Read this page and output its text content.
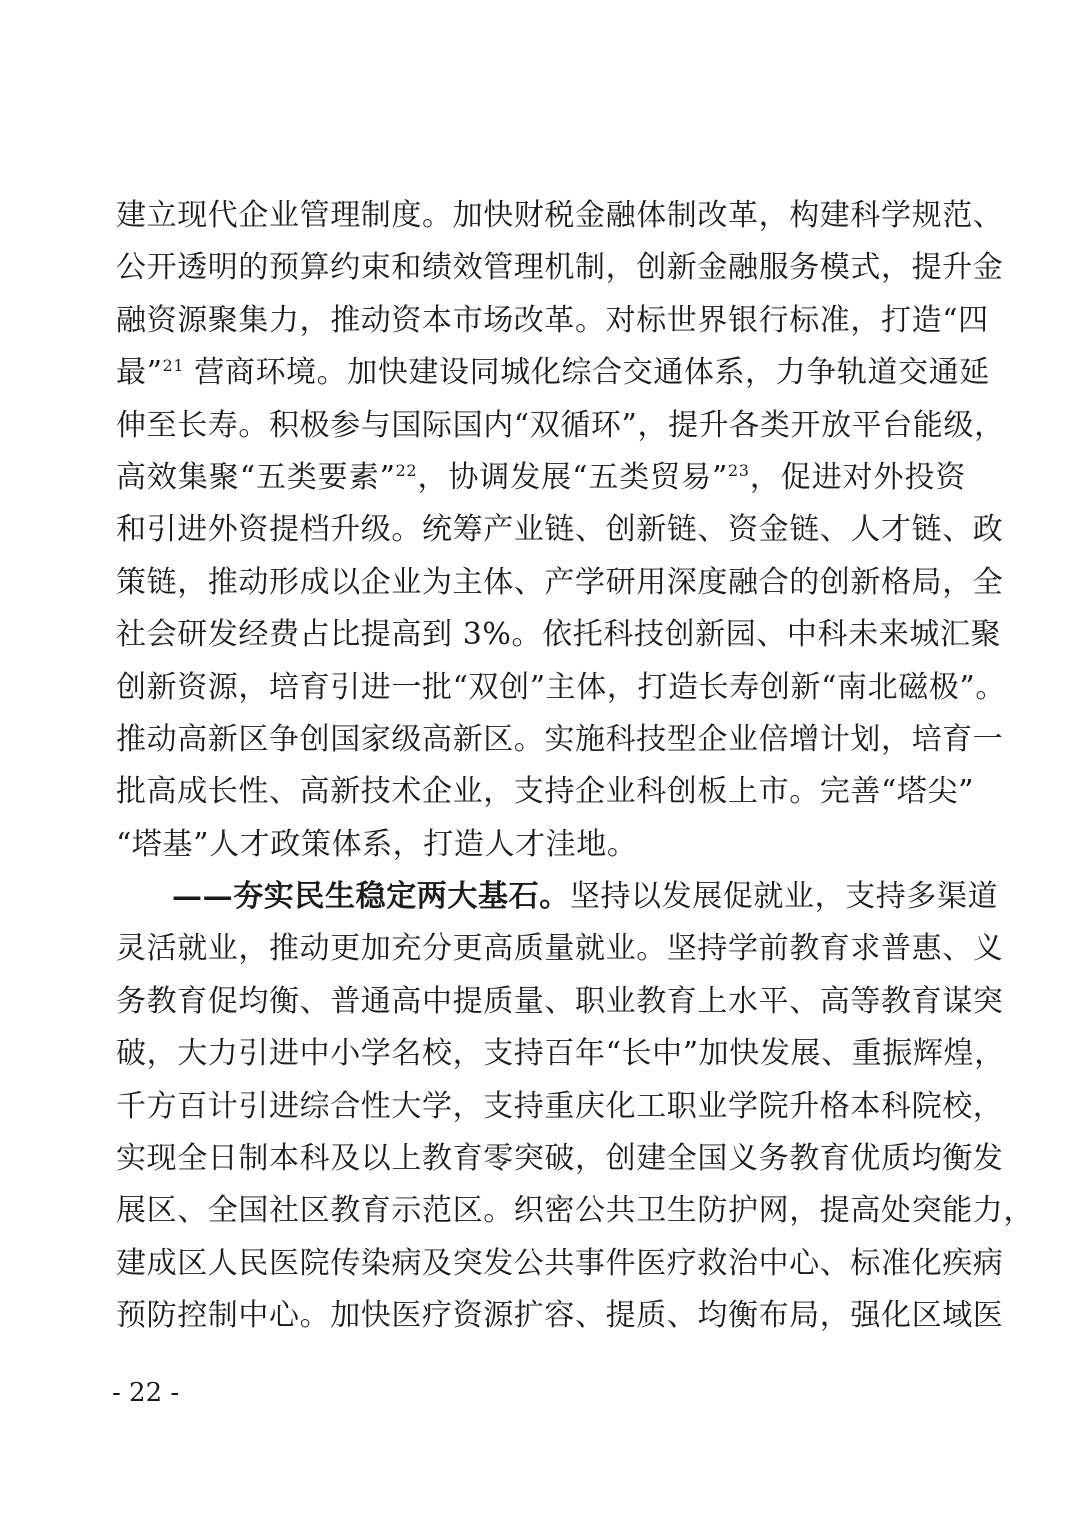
建立现代企业管理制度。加快财税金融体制改革，构建科学规范、
公开透明的预算约束和绩效管理机制，创新金融服务模式，提升金
融资源聚集力，推动资本市场改革。对标世界银行标准，打造“四
最”$^{21}$ 营商环境。加快建设同城化综合交通体系，力争轨道交通延
伸至长寿。积极参与国际国内“双循环”，提升各类开放平台能级，
高效集聚“五类要素”$^{22}$，协调发展“五类贸易”$^{23}$，促进对外投资
和引进外资提档升级。统筹产业链、创新链、资金链、人才链、政
策链，推动形成以企业为主体、产学研用深度融合的创新格局，全
社会研发经费占比提高到 3%。依托科技创新园、中科未来城汇聚
创新资源，培育引进一批“双创”主体，打造长寿创新“南北磁极”。
推动高新区争创国家级高新区。实施科技型企业倍增计划，培育一
批高成长性、高新技术企业，支持企业科创板上市。完善“塔尖”
“塔基”人才政策体系，打造人才洼地。
——夯实民生稳定两大基石。坚持以发展促就业，支持多渠道
灵活就业，推动更加充分更高质量就业。坚持学前教育求普惠、义
务教育促均衡、普通高中提质量、职业教育上水平、高等教育谋突
破，大力引进中小学名校，支持百年“长中”加快发展、重振辉煌，
千方百计引进综合性大学，支持重庆化工职业学院升格本科院校，
实现全日制本科及以上教育零突破，创建全国义务教育优质均衡发
展区、全国社区教育示范区。织密公共卫生防护网，提高处突能力，
建成区人民医院传染病及突发公共事件医疗救治中心、标准化疾病
预防控制中心。加快医疗资源扩容、提质、均衡布局，强化区域医
- 22 -
